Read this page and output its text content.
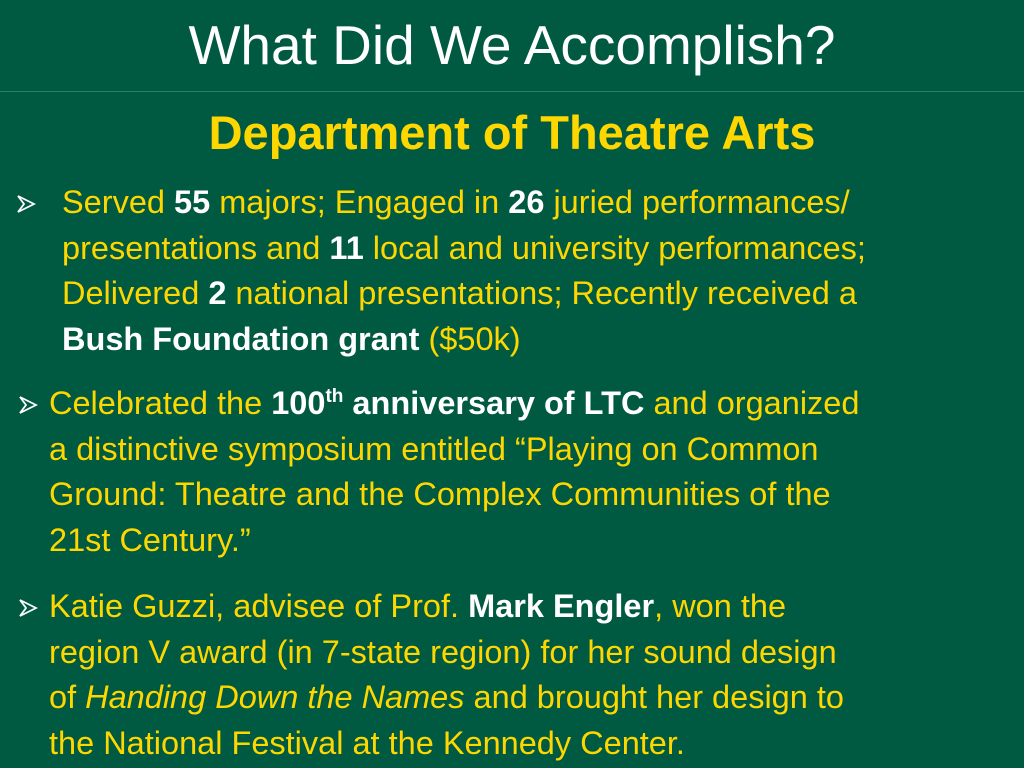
What Did We Accomplish?
Department of Theatre Arts
Served 55 majors; Engaged in 26 juried performances/
presentations and 11 local and university performances;
Delivered 2 national presentations; Recently received a
Bush Foundation grant ($50k)
Celebrated the 100th anniversary of LTC and organized
a distinctive symposium entitled “Playing on Common
Ground: Theatre and the Complex Communities of the
21st Century.”
Katie Guzzi, advisee of Prof. Mark Engler, won the
region V award (in 7-state region) for her sound design
of Handing Down the Names and brought her design to
the National Festival at the Kennedy Center.
